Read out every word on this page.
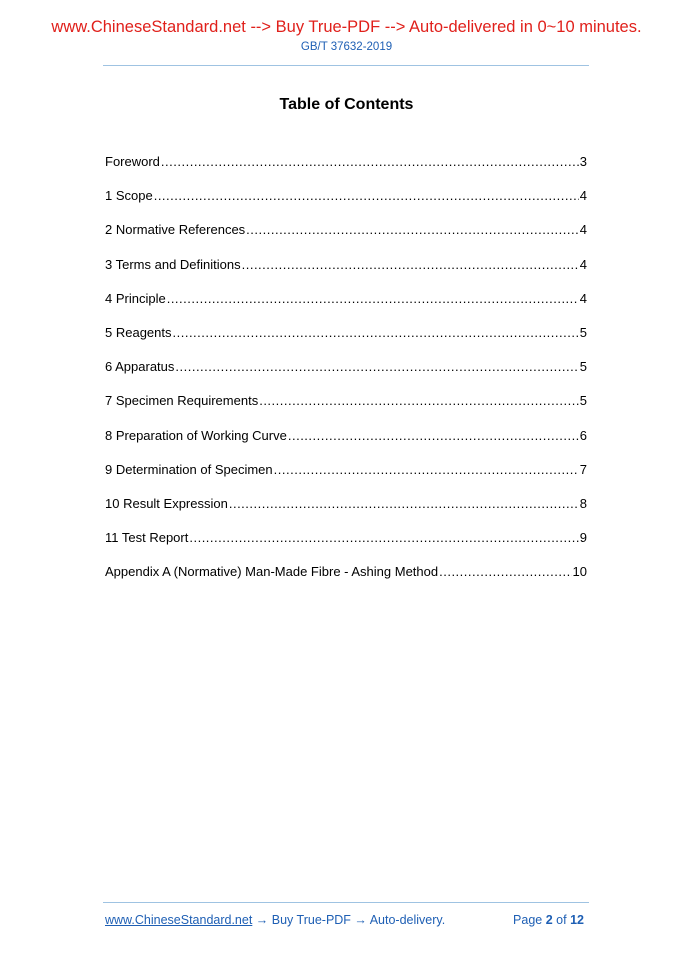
www.ChineseStandard.net --> Buy True-PDF --> Auto-delivered in 0~10 minutes.
GB/T 37632-2019
Table of Contents
Foreword .....	3
1 Scope .....	4
2 Normative References .....	4
3 Terms and Definitions .....	4
4 Principle .....	4
5 Reagents .....	5
6 Apparatus .....	5
7 Specimen Requirements .....	5
8 Preparation of Working Curve .....	6
9 Determination of Specimen .....	7
10 Result Expression .....	8
11 Test Report .....	9
Appendix A (Normative) Man-Made Fibre - Ashing Method .....	10
www.ChineseStandard.net → Buy True-PDF → Auto-delivery.	Page 2 of 12
